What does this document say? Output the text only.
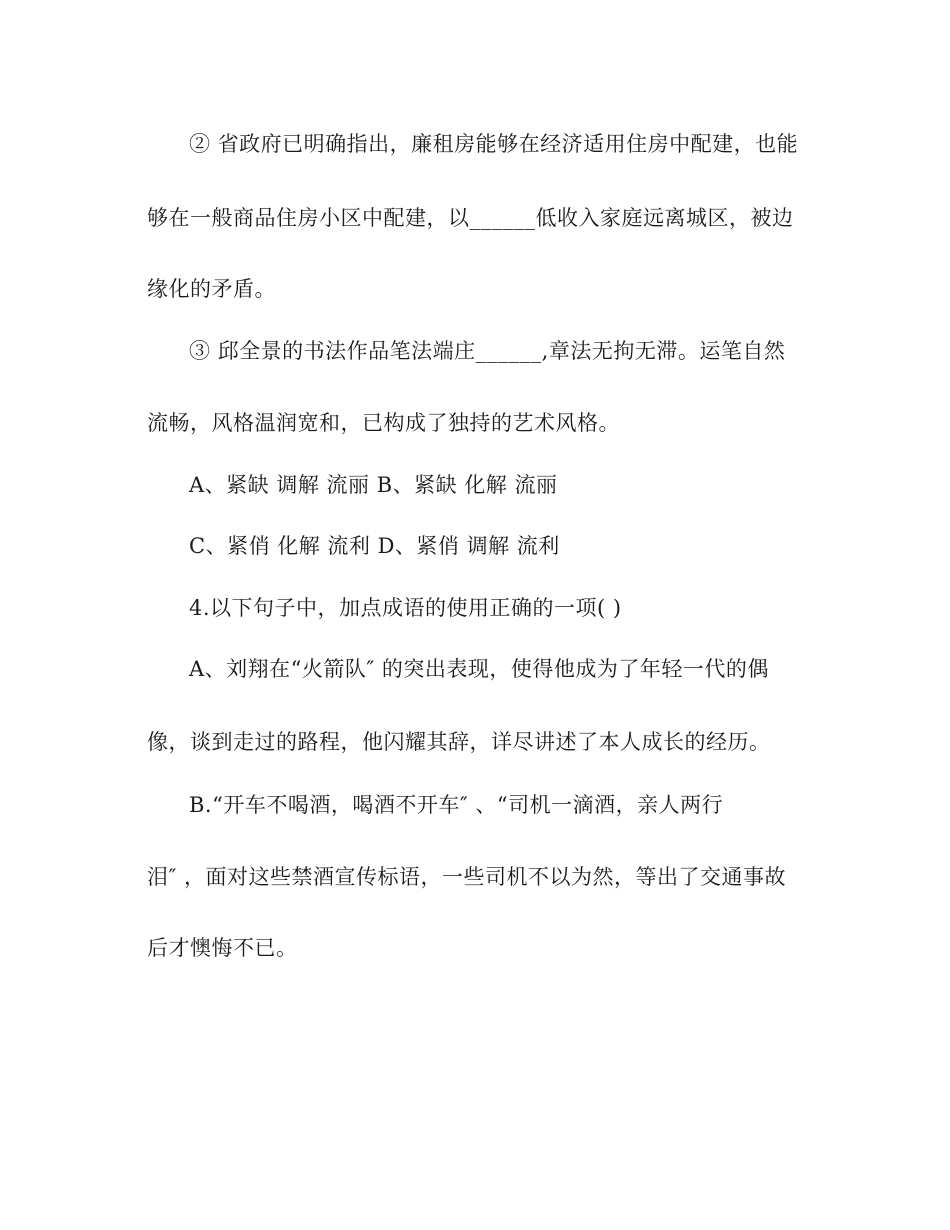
② 省政府已明确指出，廉租房能够在经济适用住房中配建，也能
够在一般商品住房小区中配建，以______低收入家庭远离城区，被边
缘化的矛盾。
③ 邱全景的书法作品笔法端庄______,章法无拘无滞。运笔自然
流畅，风格温润宽和，已构成了独持的艺术风格。
A、紧缺 调解 流丽 B、紧缺 化解 流丽
C、紧俏 化解 流利 D、紧俏 调解 流利
4.以下句子中，加点成语的使用正确的一项( )
A、刘翔在“火箭队″ 的突出表现，使得他成为了年轻一代的偶
像，谈到走过的路程，他闪耀其辞，详尽讲述了本人成长的经历。
B.“开车不喝酒，喝酒不开车″ 、“司机一滴酒，亲人两行
泪″ ，面对这些禁酒宣传标语，一些司机不以为然，等出了交通事故
后才懊悔不已。
